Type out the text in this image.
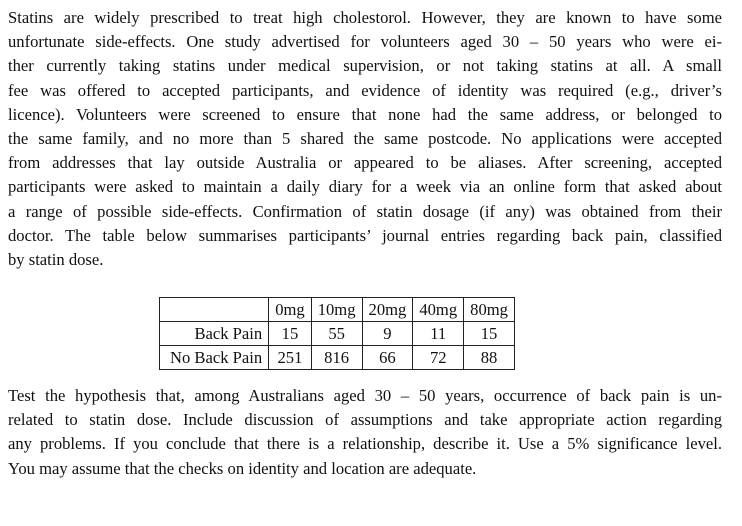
Statins are widely prescribed to treat high cholestorol. However, they are known to have some
unfortunate side-effects. One study advertised for volunteers aged 30 – 50 years who were ei-
ther currently taking statins under medical supervision, or not taking statins at all. A small
fee was offered to accepted participants, and evidence of identity was required (e.g., driver’s
licence). Volunteers were screened to ensure that none had the same address, or belonged to
the same family, and no more than 5 shared the same postcode. No applications were accepted
from addresses that lay outside Australia or appeared to be aliases. After screening, accepted
participants were asked to maintain a daily diary for a week via an online form that asked about
a range of possible side-effects. Confirmation of statin dosage (if any) was obtained from their
doctor. The table below summarises participants’ journal entries regarding back pain, classified
by statin dose.
	0mg	10mg	20mg	40mg	80mg
Back Pain	15	55	9	11	15
No Back Pain	251	816	66	72	88
Test the hypothesis that, among Australians aged 30 – 50 years, occurrence of back pain is un-
related to statin dose. Include discussion of assumptions and take appropriate action regarding
any problems. If you conclude that there is a relationship, describe it. Use a 5% significance level.
You may assume that the checks on identity and location are adequate.
